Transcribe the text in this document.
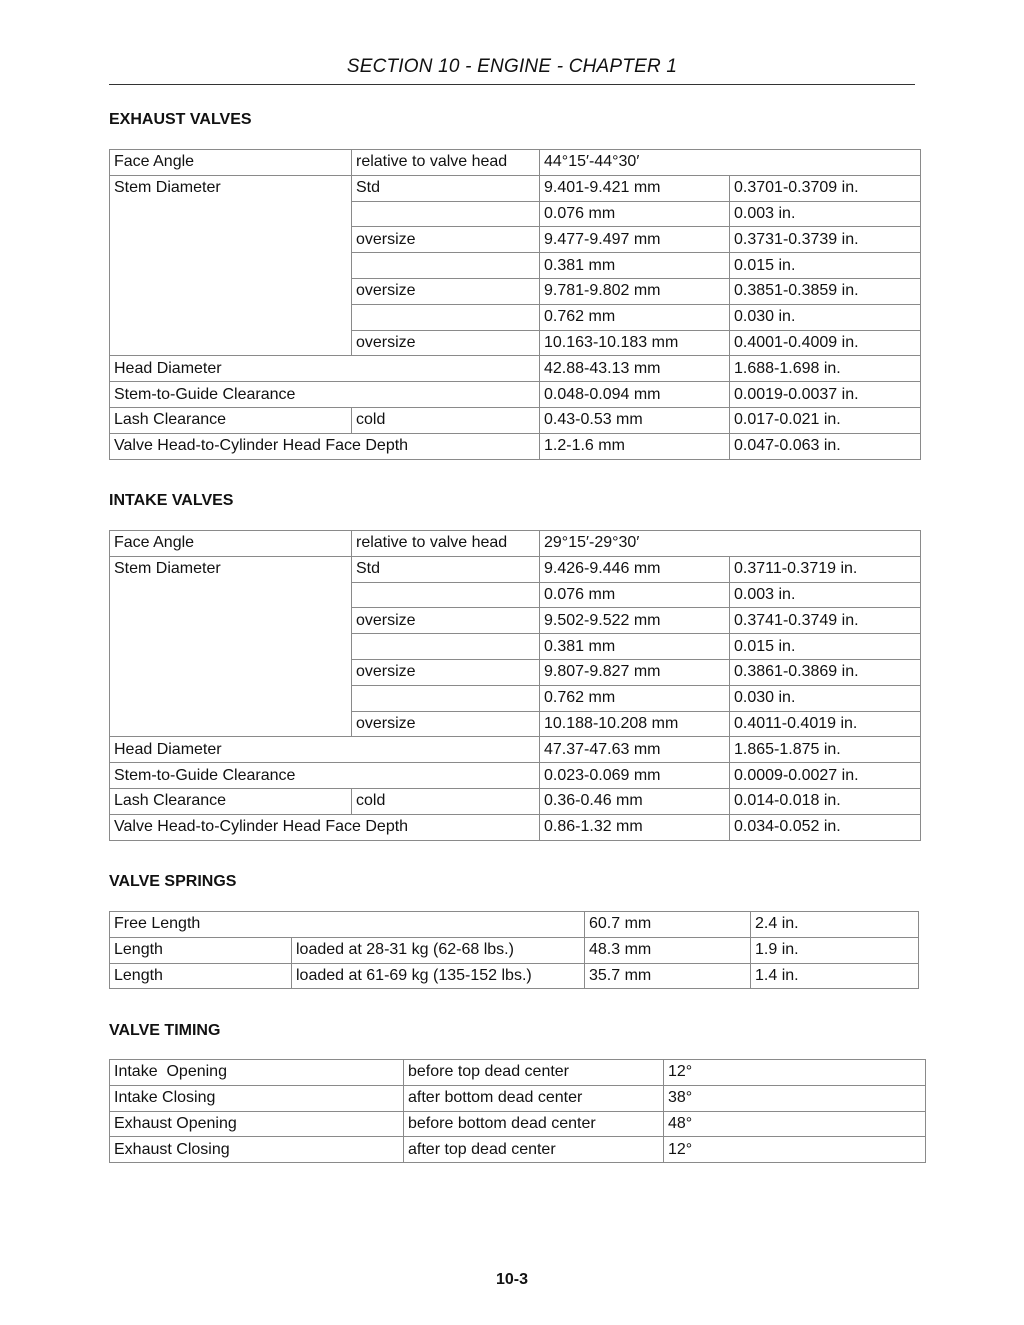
SECTION 10 - ENGINE - CHAPTER 1
EXHAUST VALVES
Face Angle	relative to valve head	44°15′-44°30′	
Stem Diameter	Std	9.401-9.421 mm	0.3701-0.3709 in.
		0.076 mm	0.003 in.
	oversize	9.477-9.497 mm	0.3731-0.3739 in.
		0.381 mm	0.015 in.
	oversize	9.781-9.802 mm	0.3851-0.3859 in.
		0.762 mm	0.030 in.
	oversize	10.163-10.183 mm	0.4001-0.4009 in.
Head Diameter		42.88-43.13 mm	1.688-1.698 in.
Stem-to-Guide Clearance		0.048-0.094 mm	0.0019-0.0037 in.
Lash Clearance	cold	0.43-0.53 mm	0.017-0.021 in.
Valve Head-to-Cylinder Head Face Depth		1.2-1.6 mm	0.047-0.063 in.
INTAKE VALVES
Face Angle	relative to valve head	29°15′-29°30′	
Stem Diameter	Std	9.426-9.446 mm	0.3711-0.3719 in.
		0.076 mm	0.003 in.
	oversize	9.502-9.522 mm	0.3741-0.3749 in.
		0.381 mm	0.015 in.
	oversize	9.807-9.827 mm	0.3861-0.3869 in.
		0.762 mm	0.030 in.
	oversize	10.188-10.208 mm	0.4011-0.4019 in.
Head Diameter		47.37-47.63 mm	1.865-1.875 in.
Stem-to-Guide Clearance		0.023-0.069 mm	0.0009-0.0027 in.
Lash Clearance	cold	0.36-0.46 mm	0.014-0.018 in.
Valve Head-to-Cylinder Head Face Depth		0.86-1.32 mm	0.034-0.052 in.
VALVE SPRINGS
Free Length		60.7 mm	2.4 in.
Length	loaded at 28-31 kg (62-68 lbs.)	48.3 mm	1.9 in.
Length	loaded at 61-69 kg (135-152 lbs.)	35.7 mm	1.4 in.
VALVE TIMING
Intake  Opening	before top dead center	12°
Intake Closing	after bottom dead center	38°
Exhaust Opening	before bottom dead center	48°
Exhaust Closing	after top dead center	12°
10-3
